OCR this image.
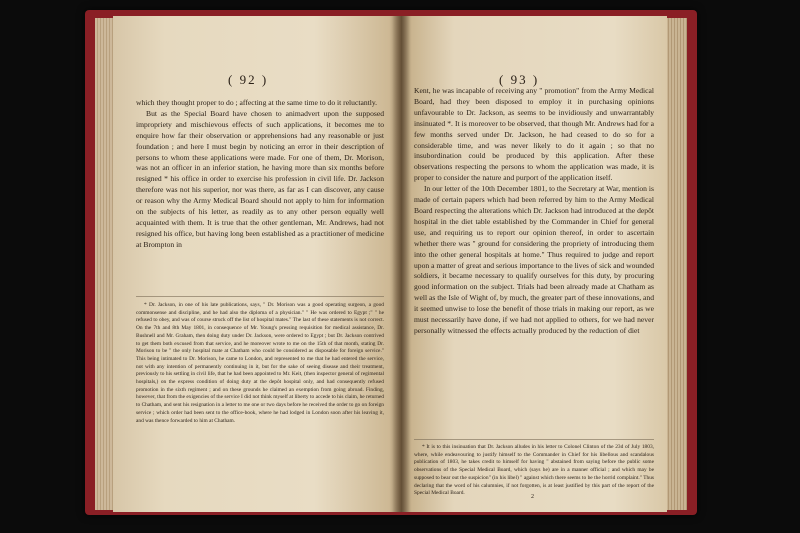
( 92 )

which they thought proper to do ; affecting at the same time to do it reluctantly.

But as the Special Board have chosen to animadvert upon the supposed impropriety and mischievous effects of such applications, it becomes me to enquire how far their observation or apprehensions had any reasonable or just foundation ; and here I must begin by noticing an error in their description of persons to whom these applications were made. For one of them, Dr. Morison, was not an officer in an inferior station, he having more than six months before resigned * his office in order to exercise his profession in civil life. Dr. Jackson therefore was not his superior, nor was there, as far as I can discover, any cause or reason why the Army Medical Board should not apply to him for information on the subjects of his letter, as readily as to any other person equally well acquainted with them. It is true that the other gentleman, Mr. Andrews, had not resigned his office, but having long been established as a practitioner of medicine at Brompton in

* Dr. Jackson, in one of his late publications, says, " Dr. Morison was a good operating surgeon, a good commonsense and discipline, and he had also the diploma of a physician." " He was ordered to Egypt ;" " he refused to obey, and was of course struck off the list of hospital mates." The last of these statements is not correct. On the 7th and 8th May 1801, in consequence of Mr. Young's pressing requisition for medical assistance, Dr. Bushnell and Mr. Graham, then doing duty under Dr. Jackson, were ordered to Egypt ; but Dr. Jackson contrived to get them both excused from that service, and he moreover wrote to me on the 15th of that month, stating Dr. Morison to be " the only hospital mate at Chatham who could be considered as disposable for foreign service." This being intimated to Dr. Morison, he came to London, and represented to me that he had entered the service, not with any intention of permanently continuing in it, but for the sake of seeing disease and their treatment, previously to his settling in civil life, that he had been appointed to Mr. Keit, (then inspector general of regimental hospitals,) on the express condition of doing duty at the depôt hospital only, and had consequently refused promotion in the sixth regiment ; and on these grounds he claimed an exemption from going abroad. Finding, however, that from the exigencies of the service I did not think myself at liberty to accede to his claim, he returned to Chatham, and sent his resignation in a letter to me one or two days before he received the order to go on foreign service ; which order had been sent to the office-book, where he had lodged in London soon after his leaving it, and was thence forwarded to him at Chatham.

( 93 )

Kent, he was incapable of receiving any " promotion" from the Army Medical Board, had they been disposed to employ it in purchasing opinions unfavourable to Dr. Jackson, as seems to be invidiously and unwarrantably insinuated *. It is moreover to be observed, that though Mr. Andrews had for a few months served under Dr. Jackson, he had ceased to do so for a considerable time, and was never likely to do it again ; so that no insubordination could be produced by this application. After these observations respecting the persons to whom the application was made, it is proper to consider the nature and purport of the application itself.

In our letter of the 10th December 1801, to the Secretary at War, mention is made of certain papers which had been referred by him to the Army Medical Board respecting the alterations which Dr. Jackson had introduced at the depôt hospital in the diet table established by the Commander in Chief for general use, and requiring us to report our opinion thereof, in order to ascertain whether there was " ground for considering the propriety of introducing them into the other general hospitals at home." Thus required to judge and report upon a matter of great and serious importance to the lives of sick and wounded soldiers, it became necessary to qualify ourselves for this duty, by procuring good information on the subject. Trials had been already made at Chatham as well as the Isle of Wight of, by much, the greater part of these innovations, and it seemed unwise to lose the benefit of those trials in making our report, as we must necessarily have done, if we had not applied to others, for we had never personally witnessed the effects actually produced by the reduction of diet

* It is to this insinuation that Dr. Jackson alludes in his letter to Colonel Clinton of the 23d of July 1803, where, while endeavouring to justify himself to the Commander in Chief for his libellous and scandalous publication of 1803, he takes credit to himself for having " abstained from saying before the public some observations of the Special Medical Board, which (says he) are in a manner official ; and which may be supposed to bear out the suspicion" (in his libel) " against which there seems to be the horrid complaint." Thus declaring that the word of his calumnies, if not forgotten, is at least justified by this part of the report of the Special Medical Board.

2
